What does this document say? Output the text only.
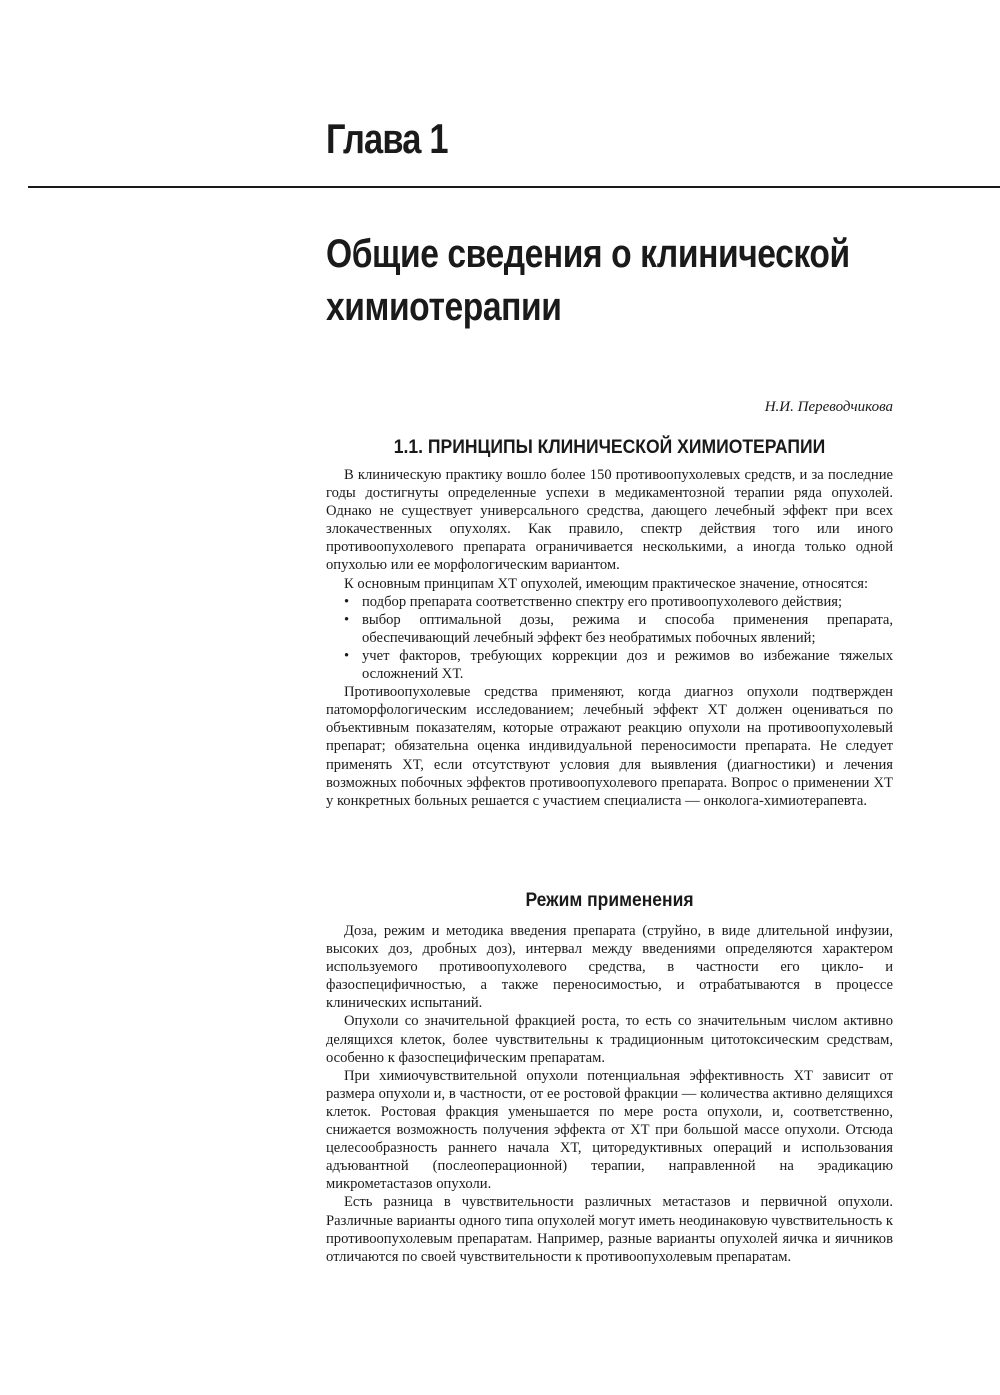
Глава 1
Общие сведения о клинической
химиотерапии

Н.И. Переводчикова

1.1. ПРИНЦИПЫ КЛИНИЧЕСКОЙ ХИМИОТЕРАПИИ

В клиническую практику вошло более 150 противоопухолевых средств, и за последние годы достигнуты определенные успехи в медикаментозной терапии ряда опухолей. Однако не существует универсального средства, дающего лечебный эффект при всех злокачественных опухолях. Как правило, спектр действия того или иного противоопухолевого препарата ограничивается несколькими, а иногда только одной опухолью или ее морфологическим вариантом.

К основным принципам ХТ опухолей, имеющим практическое значение, относятся:

• подбор препарата соответственно спектру его противоопухолевого действия;
• выбор оптимальной дозы, режима и способа применения препарата, обеспечивающий лечебный эффект без необратимых побочных явлений;
• учет факторов, требующих коррекции доз и режимов во избежание тяжелых осложнений ХТ.

Противоопухолевые средства применяют, когда диагноз опухоли подтвержден патоморфологическим исследованием; лечебный эффект ХТ должен оцениваться по объективным показателям, которые отражают реакцию опухоли на противоопухолевый препарат; обязательна оценка индивидуальной переносимости препарата. Не следует применять ХТ, если отсутствуют условия для выявления (диагностики) и лечения возможных побочных эффектов противоопухолевого препарата. Вопрос о применении ХТ у конкретных больных решается с участием специалиста — онколога-химиотерапевта.

Режим применения

Доза, режим и методика введения препарата (струйно, в виде длительной инфузии, высоких доз, дробных доз), интервал между введениями определяются характером используемого противоопухолевого средства, в частности его цикло- и фазоспецифичностью, а также переносимостью, и отрабатываются в процессе клинических испытаний.

Опухоли со значительной фракцией роста, то есть со значительным числом активно делящихся клеток, более чувствительны к традиционным цитотоксическим средствам, особенно к фазоспецифическим препаратам.

При химиочувствительной опухоли потенциальная эффективность ХТ зависит от размера опухоли и, в частности, от ее ростовой фракции — количества активно делящихся клеток. Ростовая фракция уменьшается по мере роста опухоли, и, соответственно, снижается возможность получения эффекта от ХТ при большой массе опухоли. Отсюда целесообразность раннего начала ХТ, циторедуктивных операций и использования адъювантной (послеоперационной) терапии, направленной на эрадикацию микрометастазов опухоли.

Есть разница в чувствительности различных метастазов и первичной опухоли. Различные варианты одного типа опухолей могут иметь неодинаковую чувствительность к противоопухолевым препаратам. Например, разные варианты опухолей яичка и яичников отличаются по своей чувствительности к противоопухолевым препаратам.
